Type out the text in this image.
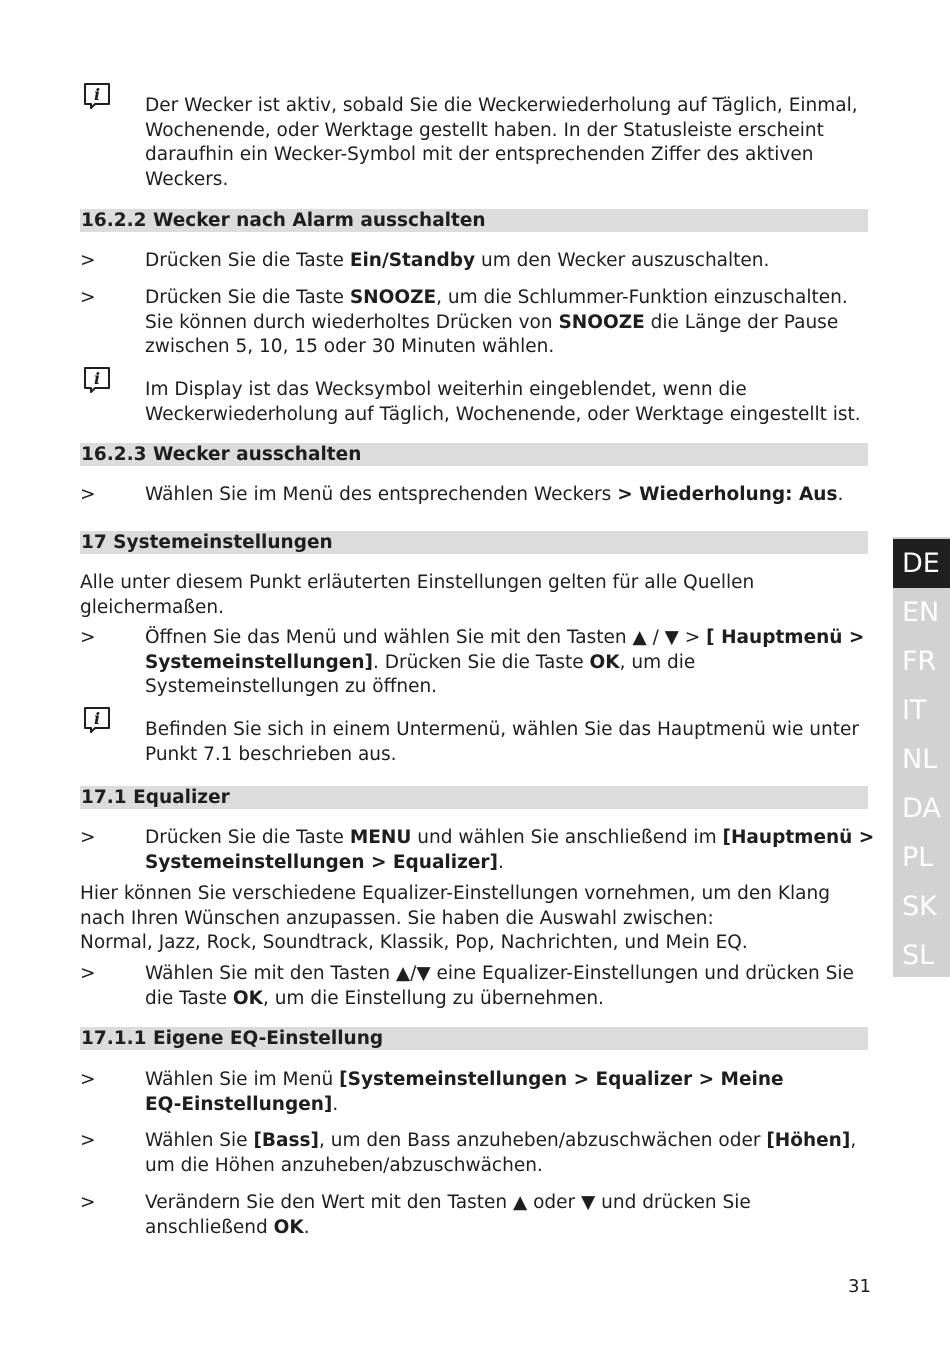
i
Der Wecker ist aktiv, sobald Sie die Weckerwiederholung auf Täglich, Einmal, Wochenende, oder Werktage gestellt haben. In der Statusleiste erscheint daraufhin ein Wecker-Symbol mit der entsprechenden Ziffer des aktiven Weckers.
16.2.2 Wecker nach Alarm ausschalten
>	Drücken Sie die Taste Ein/Standby um den Wecker auszuschalten.
>	Drücken Sie die Taste SNOOZE, um die Schlummer-Funktion einzuschalten. Sie können durch wiederholtes Drücken von SNOOZE die Länge der Pause zwischen 5, 10, 15 oder 30 Minuten wählen.
i
Im Display ist das Wecksymbol weiterhin eingeblendet, wenn die Weckerwiederholung auf Täglich, Wochenende, oder Werktage eingestellt ist.
16.2.3 Wecker ausschalten
>	Wählen Sie im Menü des entsprechenden Weckers > Wiederholung: Aus.
17 Systemeinstellungen
Alle unter diesem Punkt erläuterten Einstellungen gelten für alle Quellen gleichermaßen.
>	Öffnen Sie das Menü und wählen Sie mit den Tasten ▲ / ▼ > [ Hauptmenü > Systemeinstellungen]. Drücken Sie die Taste OK, um die Systemeinstellungen zu öffnen.
i
Befinden Sie sich in einem Untermenü, wählen Sie das Hauptmenü wie unter Punkt 7.1 beschrieben aus.
17.1 Equalizer
>	Drücken Sie die Taste MENU und wählen Sie anschließend im [Hauptmenü > Systemeinstellungen > Equalizer].
Hier können Sie verschiedene Equalizer-Einstellungen vornehmen, um den Klang nach Ihren Wünschen anzupassen. Sie haben die Auswahl zwischen:
Normal, Jazz, Rock, Soundtrack, Klassik, Pop, Nachrichten, und Mein EQ.
>	Wählen Sie mit den Tasten ▲/▼ eine Equalizer-Einstellungen und drücken Sie die Taste OK, um die Einstellung zu übernehmen.
17.1.1 Eigene EQ-Einstellung
>	Wählen Sie im Menü [Systemeinstellungen > Equalizer > Meine EQ-Einstellungen].
>	Wählen Sie [Bass], um den Bass anzuheben/abzuschwächen oder [Höhen], um die Höhen anzuheben/abzuschwächen.
>	Verändern Sie den Wert mit den Tasten ▲ oder ▼ und drücken Sie anschließend OK.
DE
EN
FR
IT
NL
DA
PL
SK
SL
31
